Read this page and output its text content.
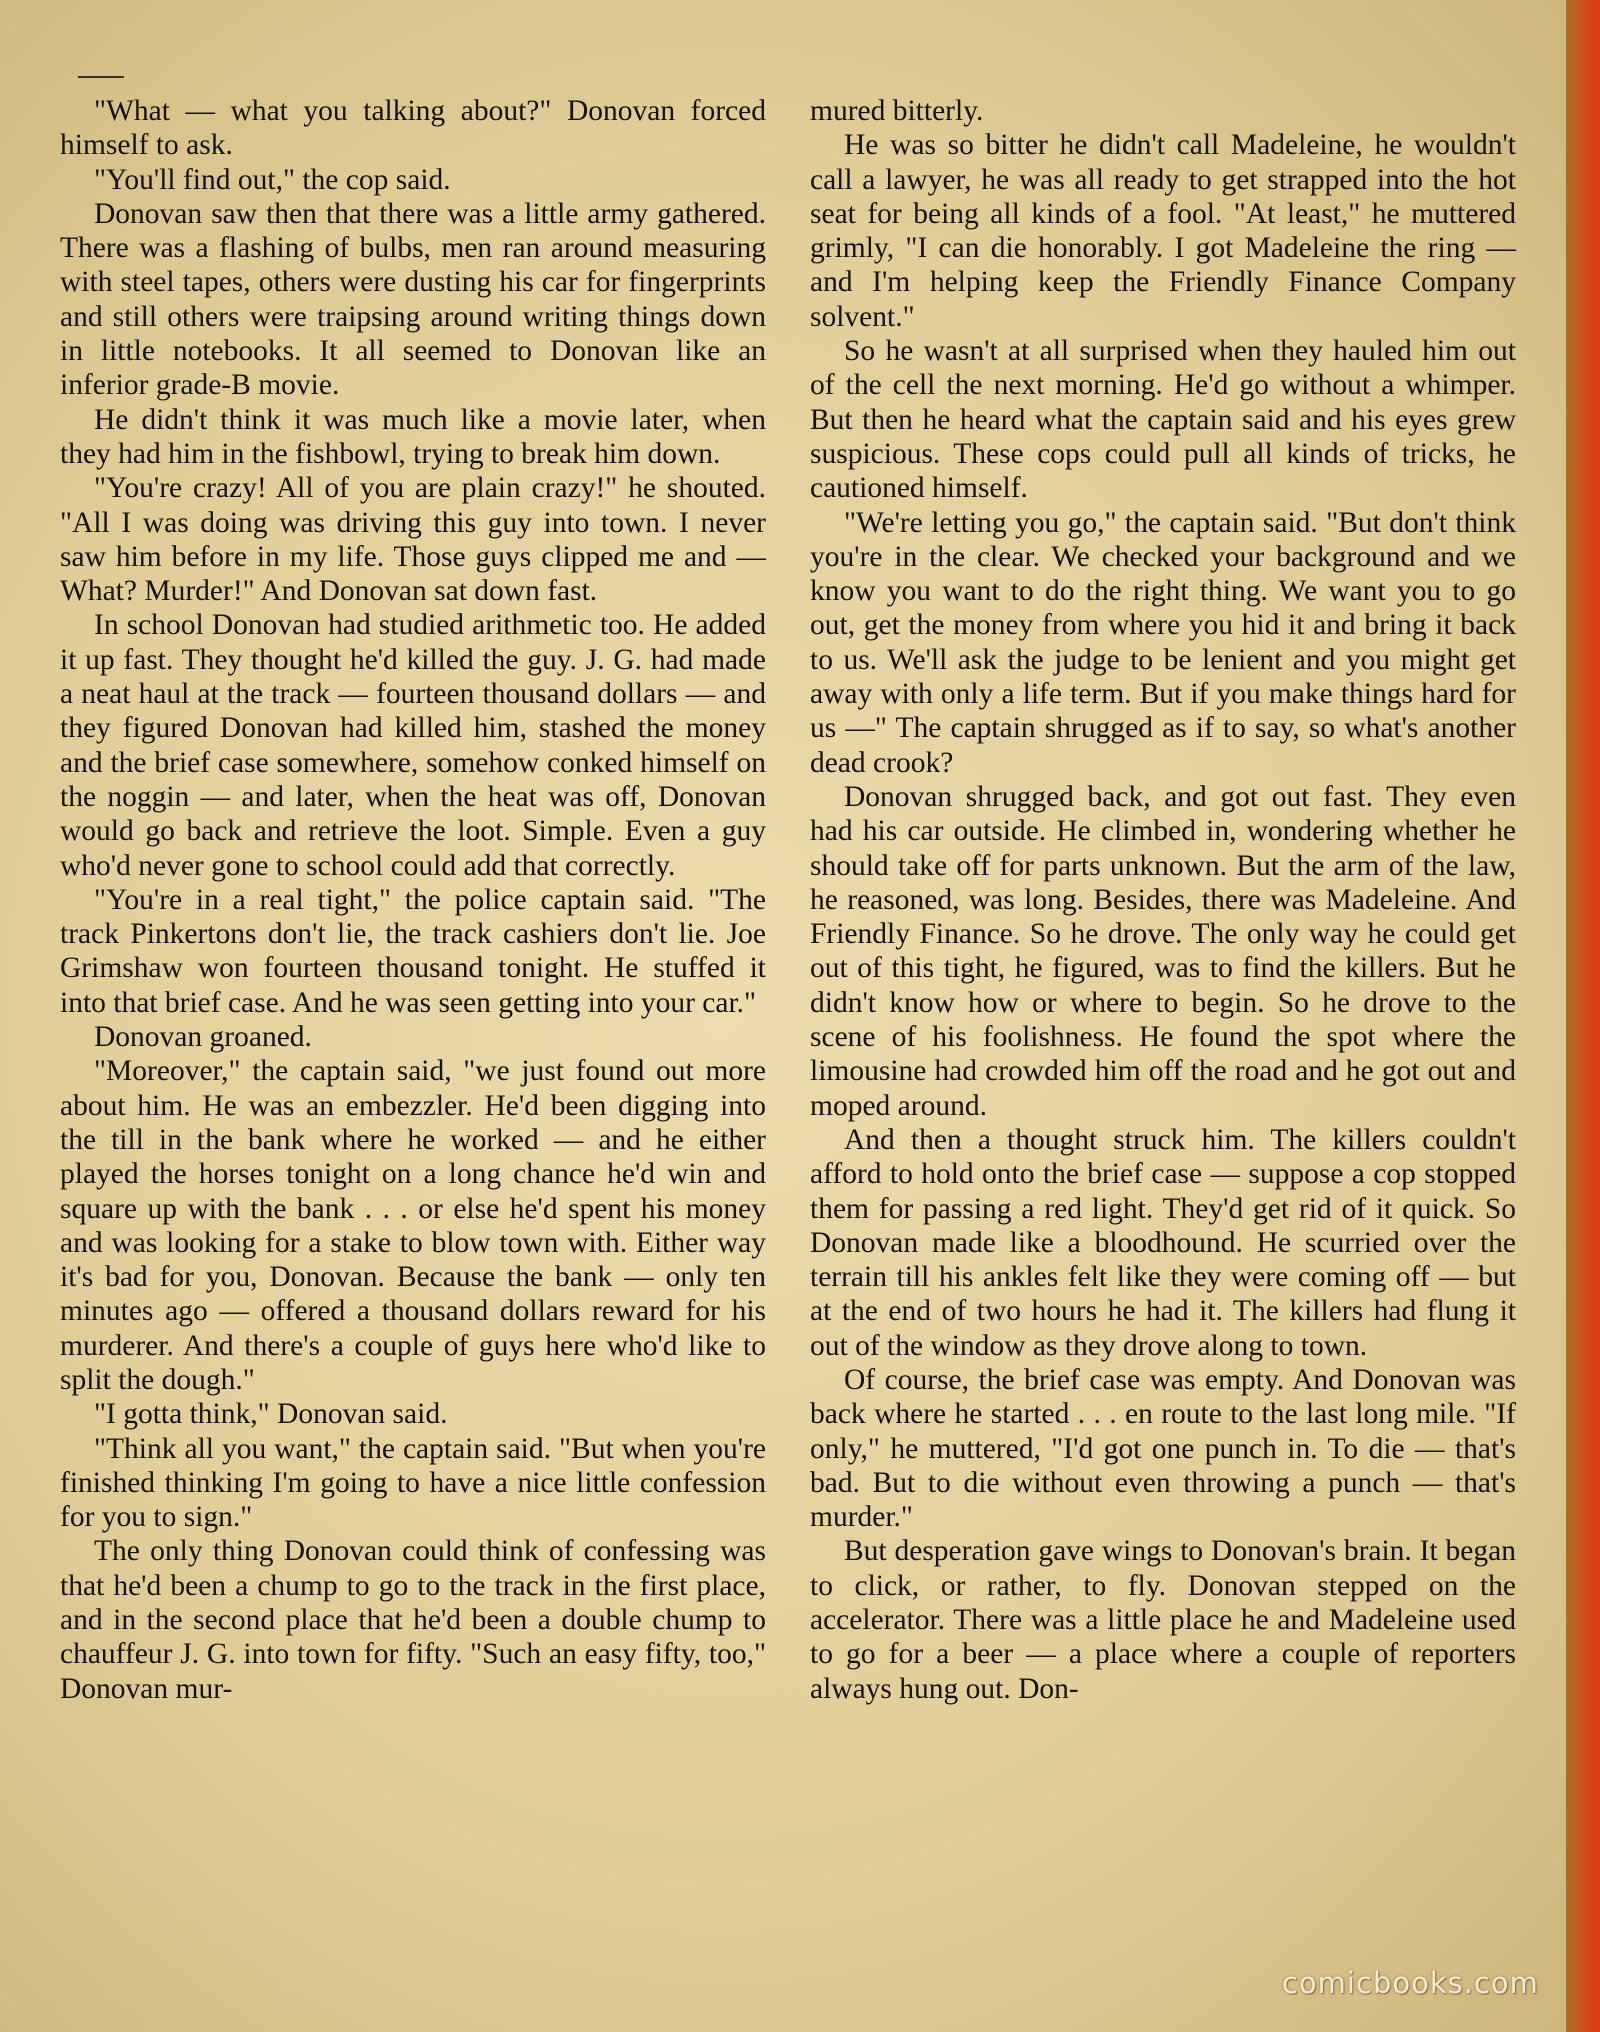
"What — what you talking about?" Donovan forced himself to ask.

"You'll find out," the cop said.

Donovan saw then that there was a little army gathered. There was a flashing of bulbs, men ran around measuring with steel tapes, others were dusting his car for fingerprints and still others were traipsing around writing things down in little notebooks. It all seemed to Donovan like an inferior grade-B movie.

He didn't think it was much like a movie later, when they had him in the fishbowl, trying to break him down.

"You're crazy! All of you are plain crazy!" he shouted. "All I was doing was driving this guy into town. I never saw him before in my life. Those guys clipped me and — What? Murder!" And Donovan sat down fast.

In school Donovan had studied arithmetic too. He added it up fast. They thought he'd killed the guy. J. G. had made a neat haul at the track — fourteen thousand dollars — and they figured Donovan had killed him, stashed the money and the brief case somewhere, somehow conked himself on the noggin — and later, when the heat was off, Donovan would go back and retrieve the loot. Simple. Even a guy who'd never gone to school could add that correctly.

"You're in a real tight," the police captain said. "The track Pinkertons don't lie, the track cashiers don't lie. Joe Grimshaw won fourteen thousand tonight. He stuffed it into that brief case. And he was seen getting into your car."

Donovan groaned.

"Moreover," the captain said, "we just found out more about him. He was an embezzler. He'd been digging into the till in the bank where he worked — and he either played the horses tonight on a long chance he'd win and square up with the bank . . . or else he'd spent his money and was looking for a stake to blow town with. Either way it's bad for you, Donovan. Because the bank — only ten minutes ago — offered a thousand dollars reward for his murderer. And there's a couple of guys here who'd like to split the dough."

"I gotta think," Donovan said.

"Think all you want," the captain said. "But when you're finished thinking I'm going to have a nice little confession for you to sign."

The only thing Donovan could think of confessing was that he'd been a chump to go to the track in the first place, and in the second place that he'd been a double chump to chauffeur J. G. into town for fifty. "Such an easy fifty, too," Donovan mur-

mured bitterly.

He was so bitter he didn't call Madeleine, he wouldn't call a lawyer, he was all ready to get strapped into the hot seat for being all kinds of a fool. "At least," he muttered grimly, "I can die honorably. I got Madeleine the ring — and I'm helping keep the Friendly Finance Company solvent."

So he wasn't at all surprised when they hauled him out of the cell the next morning. He'd go without a whimper. But then he heard what the captain said and his eyes grew suspicious. These cops could pull all kinds of tricks, he cautioned himself.

"We're letting you go," the captain said. "But don't think you're in the clear. We checked your background and we know you want to do the right thing. We want you to go out, get the money from where you hid it and bring it back to us. We'll ask the judge to be lenient and you might get away with only a life term. But if you make things hard for us —" The captain shrugged as if to say, so what's another dead crook?

Donovan shrugged back, and got out fast. They even had his car outside. He climbed in, wondering whether he should take off for parts unknown. But the arm of the law, he reasoned, was long. Besides, there was Madeleine. And Friendly Finance. So he drove. The only way he could get out of this tight, he figured, was to find the killers. But he didn't know how or where to begin. So he drove to the scene of his foolishness. He found the spot where the limousine had crowded him off the road and he got out and moped around.

And then a thought struck him. The killers couldn't afford to hold onto the brief case — suppose a cop stopped them for passing a red light. They'd get rid of it quick. So Donovan made like a bloodhound. He scurried over the terrain till his ankles felt like they were coming off — but at the end of two hours he had it. The killers had flung it out of the window as they drove along to town.

Of course, the brief case was empty. And Donovan was back where he started . . . en route to the last long mile. "If only," he muttered, "I'd got one punch in. To die — that's bad. But to die without even throwing a punch — that's murder."

But desperation gave wings to Donovan's brain. It began to click, or rather, to fly. Donovan stepped on the accelerator. There was a little place he and Madeleine used to go for a beer — a place where a couple of reporters always hung out. Don-

comicbooks.com
